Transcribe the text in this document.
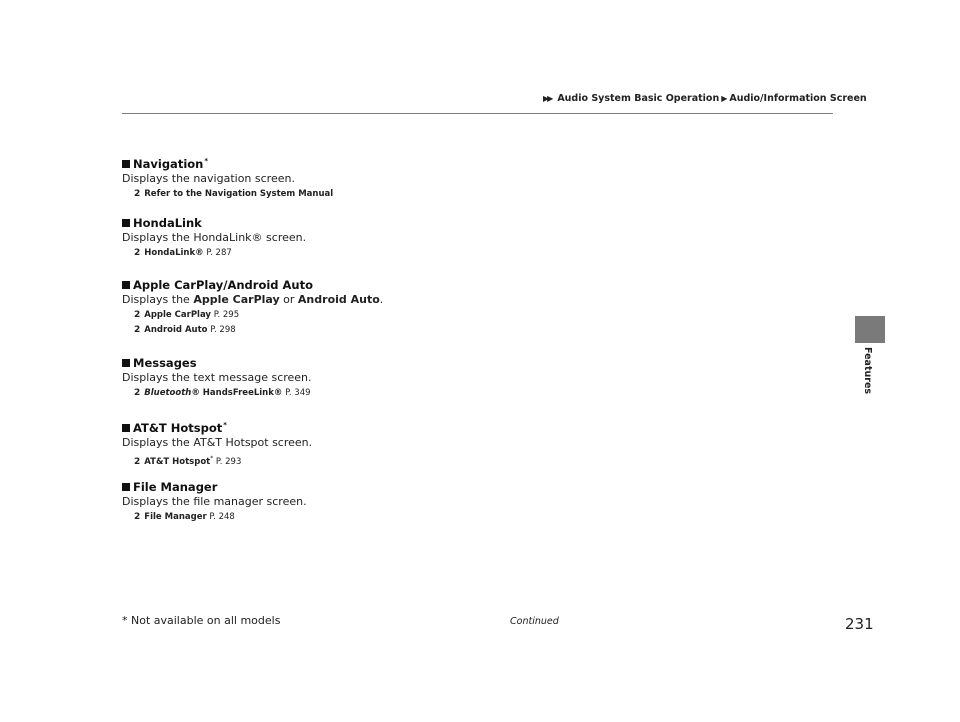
▶▶ Audio System Basic Operation ▶ Audio/Information Screen
Features
Navigation*
Displays the navigation screen.
2 Refer to the Navigation System Manual
HondaLink
Displays the HondaLink® screen.
2 HondaLink® P. 287
Apple CarPlay/Android Auto
Displays the Apple CarPlay or Android Auto.
2 Apple CarPlay P. 295
2 Android Auto P. 298
Messages
Displays the text message screen.
2 Bluetooth® HandsFreeLink® P. 349
AT&T Hotspot*
Displays the AT&T Hotspot screen.
2 AT&T Hotspot* P. 293
File Manager
Displays the file manager screen.
2 File Manager P. 248
* Not available on all models	Continued	231
